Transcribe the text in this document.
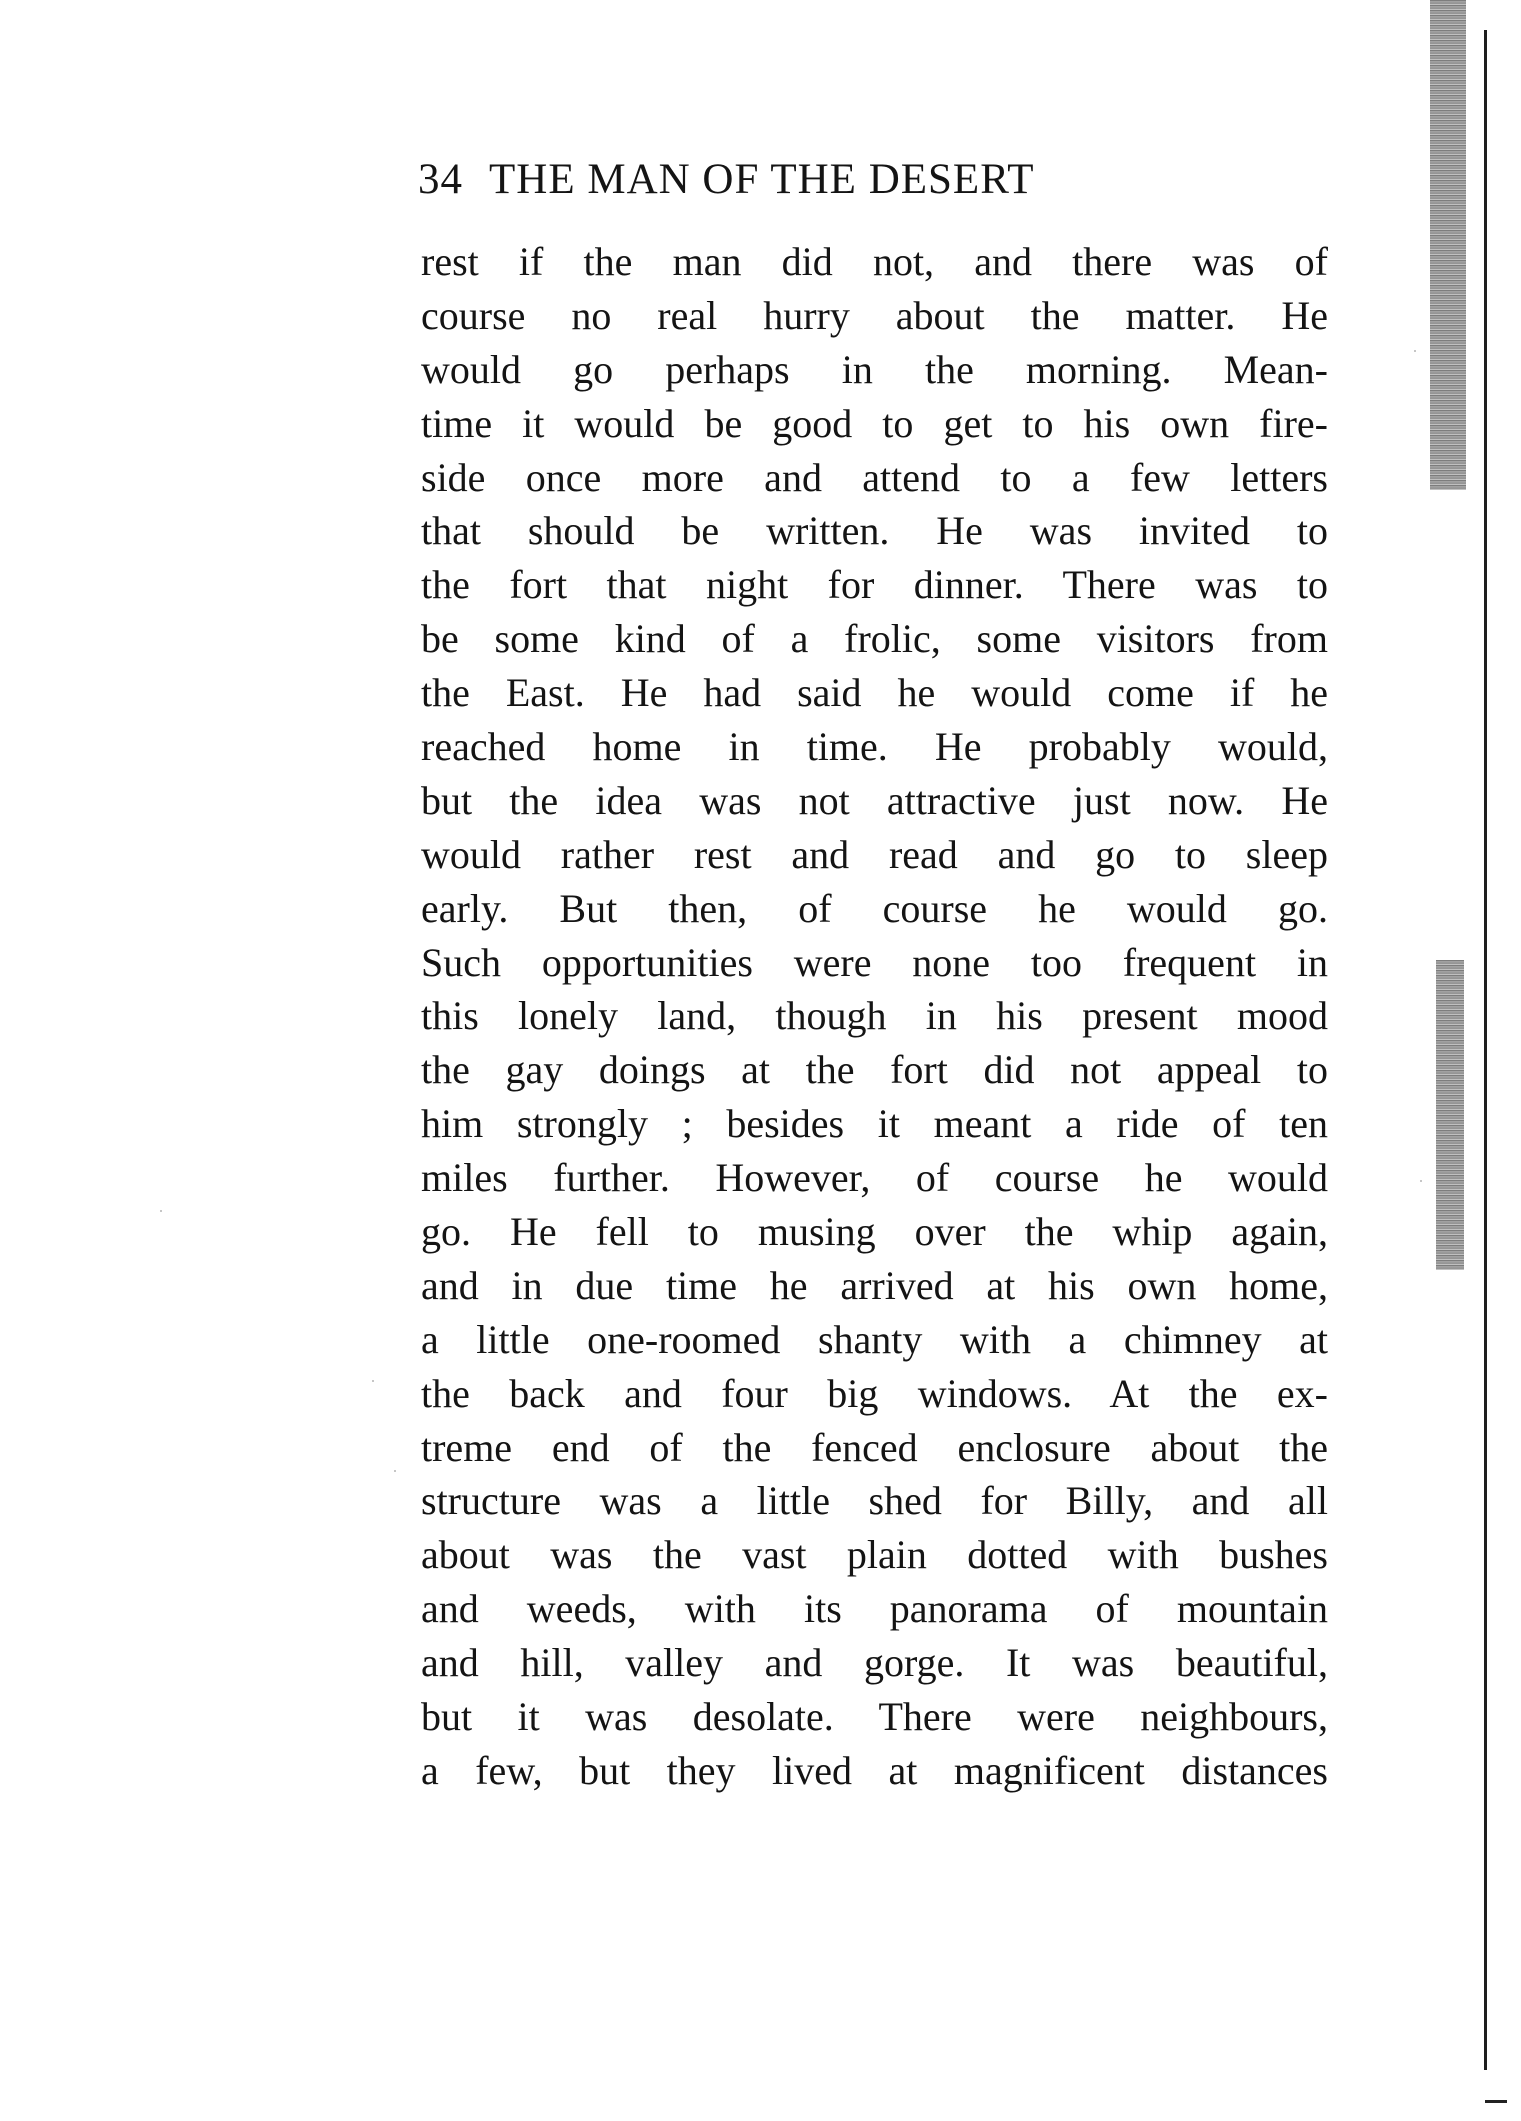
34 THE MAN OF THE DESERT
rest if the man did not, and there was of
course no real hurry about the matter. He
would go perhaps in the morning. Mean-
time it would be good to get to his own fire-
side once more and attend to a few letters
that should be written. He was invited to
the fort that night for dinner. There was to
be some kind of a frolic, some visitors from
the East. He had said he would come if he
reached home in time. He probably would,
but the idea was not attractive just now. He
would rather rest and read and go to sleep
early. But then, of course he would go.
Such opportunities were none too frequent in
this lonely land, though in his present mood
the gay doings at the fort did not appeal to
him strongly ; besides it meant a ride of ten
miles further. However, of course he would
go. He fell to musing over the whip again,
and in due time he arrived at his own home,
a little one-roomed shanty with a chimney at
the back and four big windows. At the ex-
treme end of the fenced enclosure about the
structure was a little shed for Billy, and all
about was the vast plain dotted with bushes
and weeds, with its panorama of mountain
and hill, valley and gorge. It was beautiful,
but it was desolate. There were neighbours,
a few, but they lived at magnificent distances
